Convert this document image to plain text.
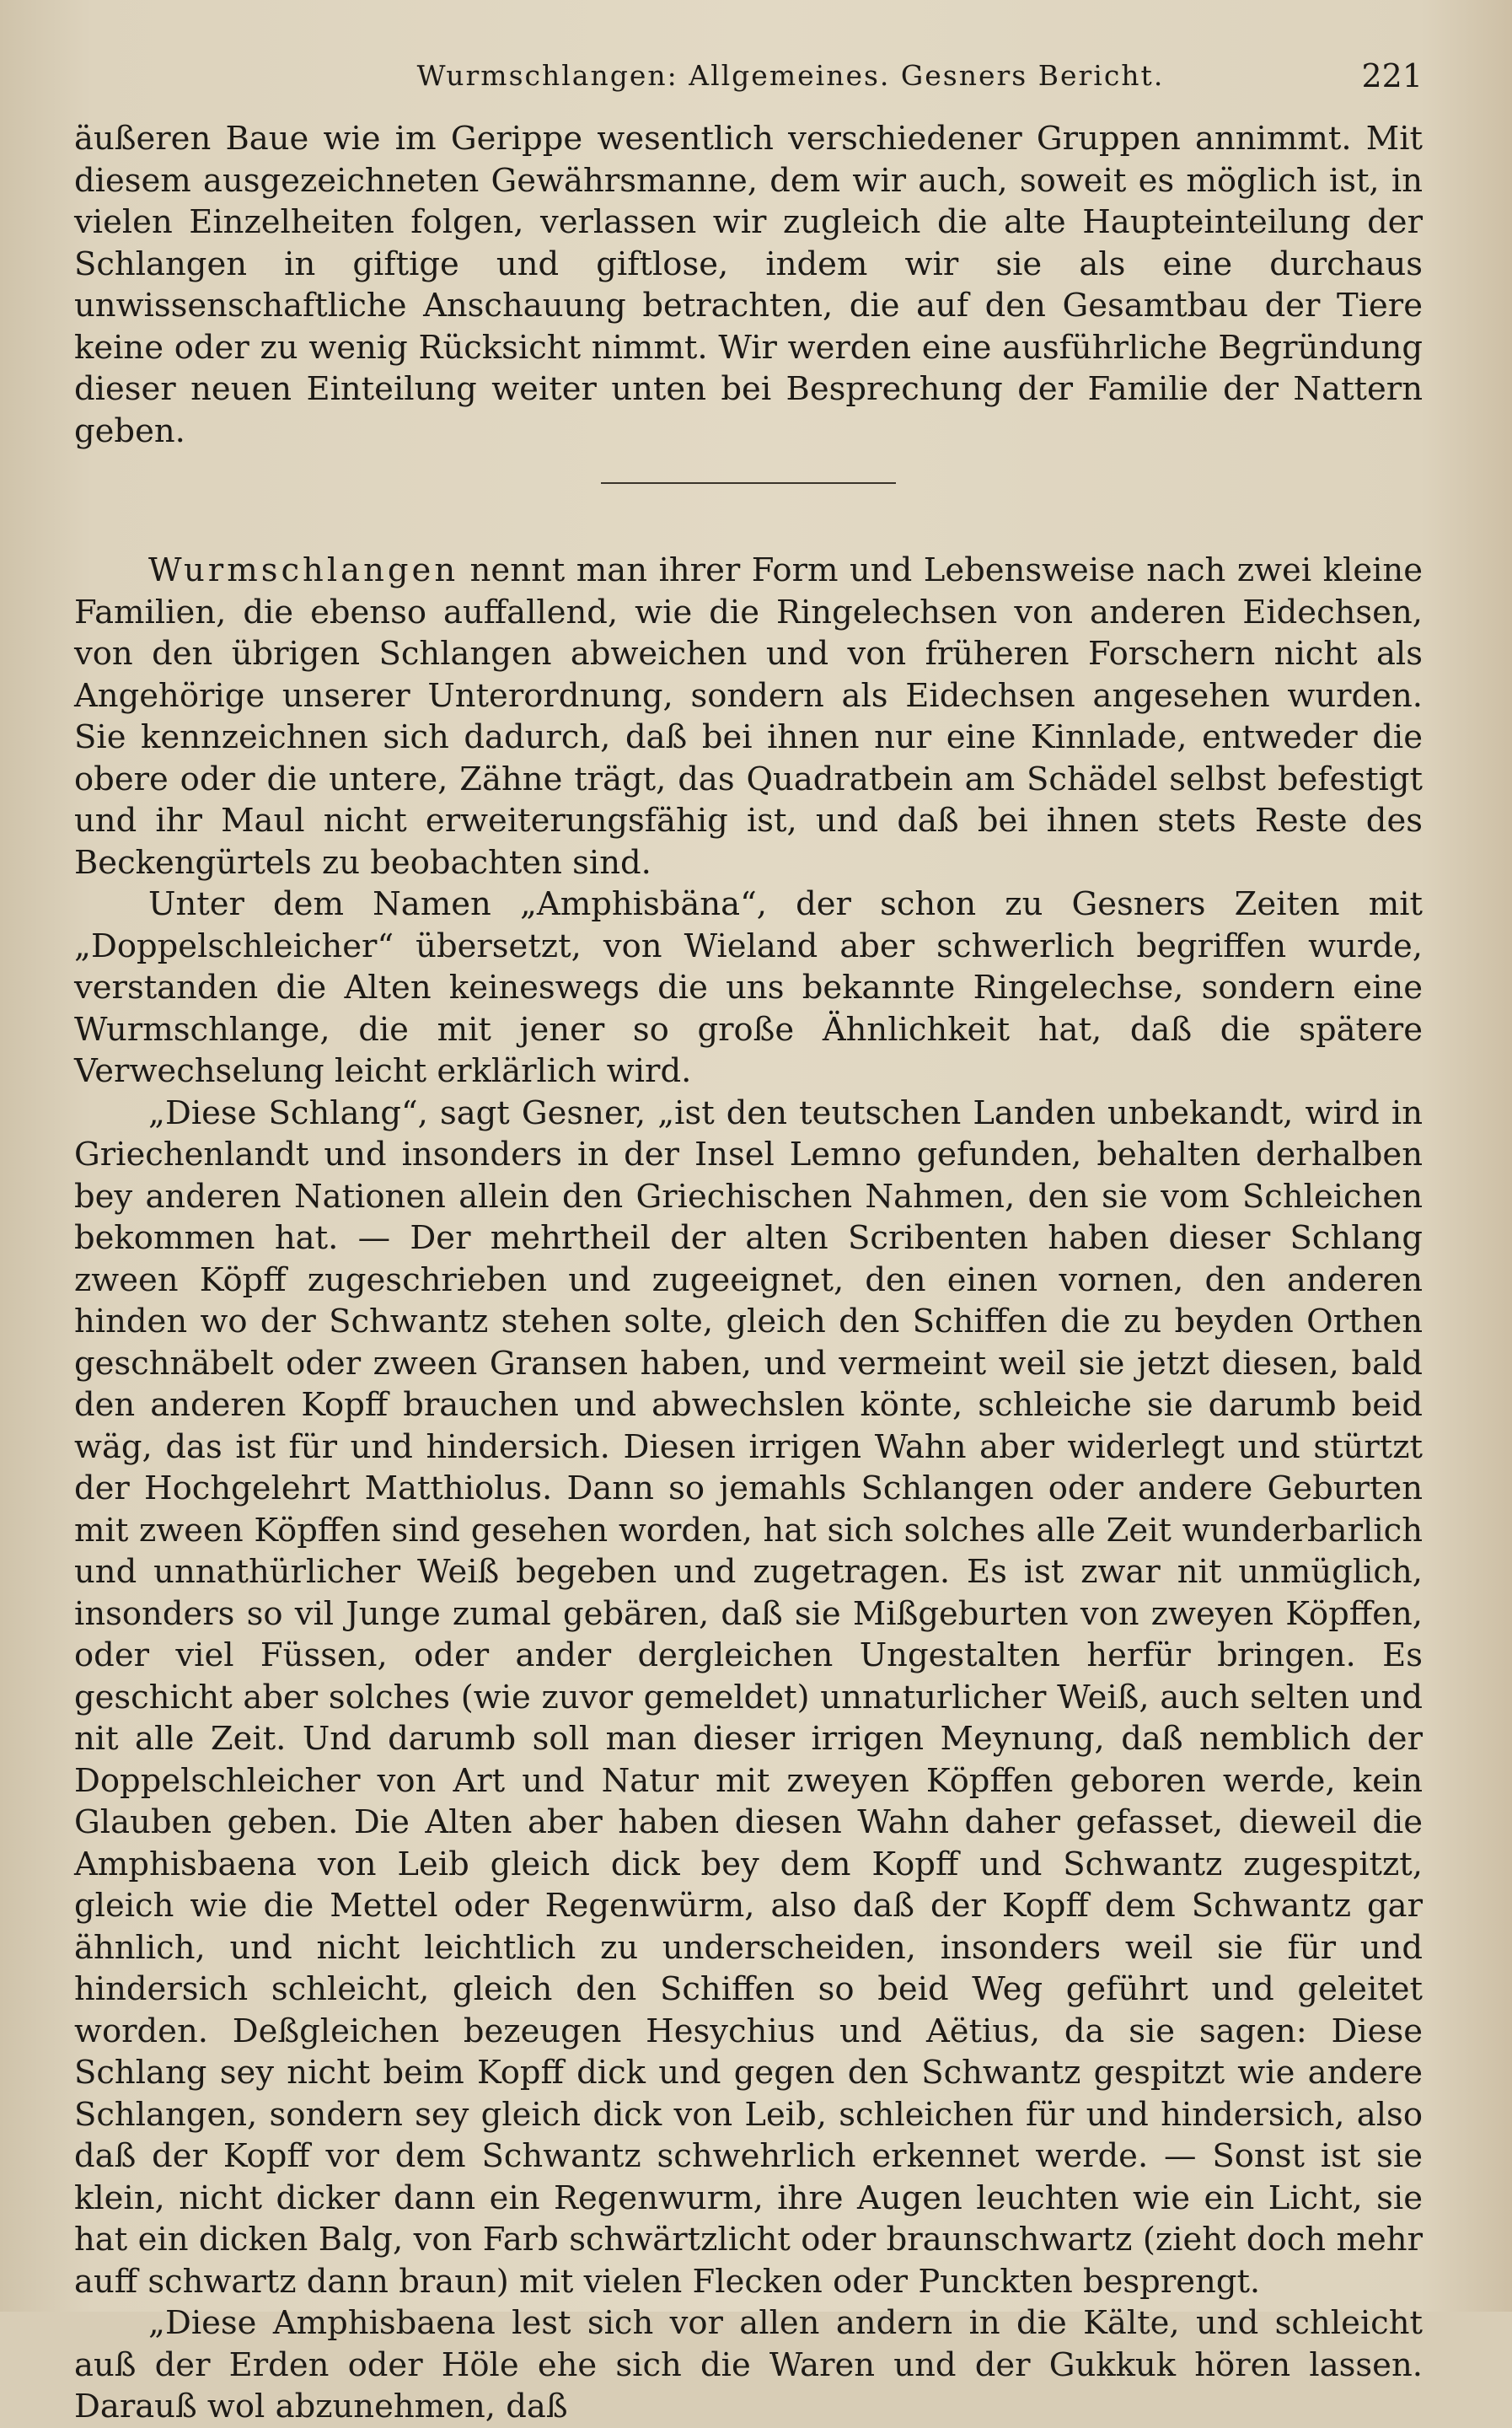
Wurmschlangen: Allgemeines. Gesners Bericht.	221

äußeren Baue wie im Gerippe wesentlich verschiedener Gruppen annimmt. Mit diesem ausgezeichneten Gewährsmanne, dem wir auch, soweit es möglich ist, in vielen Einzelheiten folgen, verlassen wir zugleich die alte Haupteinteilung der Schlangen in giftige und giftlose, indem wir sie als eine durchaus unwissenschaftliche Anschauung betrachten, die auf den Gesamtbau der Tiere keine oder zu wenig Rücksicht nimmt. Wir werden eine ausführliche Begründung dieser neuen Einteilung weiter unten bei Besprechung der Familie der Nattern geben.

Wurmschlangen nennt man ihrer Form und Lebensweise nach zwei kleine Familien, die ebenso auffallend, wie die Ringelechsen von anderen Eidechsen, von den übrigen Schlangen abweichen und von früheren Forschern nicht als Angehörige unserer Unterordnung, sondern als Eidechsen angesehen wurden. Sie kennzeichnen sich dadurch, daß bei ihnen nur eine Kinnlade, entweder die obere oder die untere, Zähne trägt, das Quadratbein am Schädel selbst befestigt und ihr Maul nicht erweiterungsfähig ist, und daß bei ihnen stets Reste des Beckengürtels zu beobachten sind.

Unter dem Namen „Amphisbäna“, der schon zu Gesners Zeiten mit „Doppelschleicher“ übersetzt, von Wieland aber schwerlich begriffen wurde, verstanden die Alten keineswegs die uns bekannte Ringelechse, sondern eine Wurmschlange, die mit jener so große Ähnlichkeit hat, daß die spätere Verwechselung leicht erklärlich wird.

„Diese Schlang“, sagt Gesner, „ist den teutschen Landen unbekandt, wird in Griechenlandt und insonders in der Insel Lemno gefunden, behalten derhalben bey anderen Nationen allein den Griechischen Nahmen, den sie vom Schleichen bekommen hat. — Der mehrtheil der alten Scribenten haben dieser Schlang zween Köpff zugeschrieben und zugeeignet, den einen vornen, den anderen hinden wo der Schwantz stehen solte, gleich den Schiffen die zu beyden Orthen geschnäbelt oder zween Gransen haben, und vermeint weil sie jetzt diesen, bald den anderen Kopff brauchen und abwechslen könte, schleiche sie darumb beid wäg, das ist für und hindersich. Diesen irrigen Wahn aber widerlegt und stürtzt der Hochgelehrt Matthiolus. Dann so jemahls Schlangen oder andere Geburten mit zween Köpffen sind gesehen worden, hat sich solches alle Zeit wunderbarlich und unnathürlicher Weiß begeben und zugetragen. Es ist zwar nit unmüglich, insonders so vil Junge zumal gebären, daß sie Mißgeburten von zweyen Köpffen, oder viel Füssen, oder ander dergleichen Ungestalten herfür bringen. Es geschicht aber solches (wie zuvor gemeldet) unnaturlicher Weiß, auch selten und nit alle Zeit. Und darumb soll man dieser irrigen Meynung, daß nemblich der Doppelschleicher von Art und Natur mit zweyen Köpffen geboren werde, kein Glauben geben. Die Alten aber haben diesen Wahn daher gefasset, dieweil die Amphisbaena von Leib gleich dick bey dem Kopff und Schwantz zugespitzt, gleich wie die Mettel oder Regenwürm, also daß der Kopff dem Schwantz gar ähnlich, und nicht leichtlich zu underscheiden, insonders weil sie für und hindersich schleicht, gleich den Schiffen so beid Weg geführt und geleitet worden. Deßgleichen bezeugen Hesychius und Aëtius, da sie sagen: Diese Schlang sey nicht beim Kopff dick und gegen den Schwantz gespitzt wie andere Schlangen, sondern sey gleich dick von Leib, schleichen für und hindersich, also daß der Kopff vor dem Schwantz schwehrlich erkennet werde. — Sonst ist sie klein, nicht dicker dann ein Regenwurm, ihre Augen leuchten wie ein Licht, sie hat ein dicken Balg, von Farb schwärtzlicht oder braunschwartz (zieht doch mehr auff schwartz dann braun) mit vielen Flecken oder Punckten besprengt.

„Diese Amphisbaena lest sich vor allen andern in die Kälte, und schleicht auß der Erden oder Höle ehe sich die Waren und der Gukkuk hören lassen. Darauß wol abzunehmen, daß
